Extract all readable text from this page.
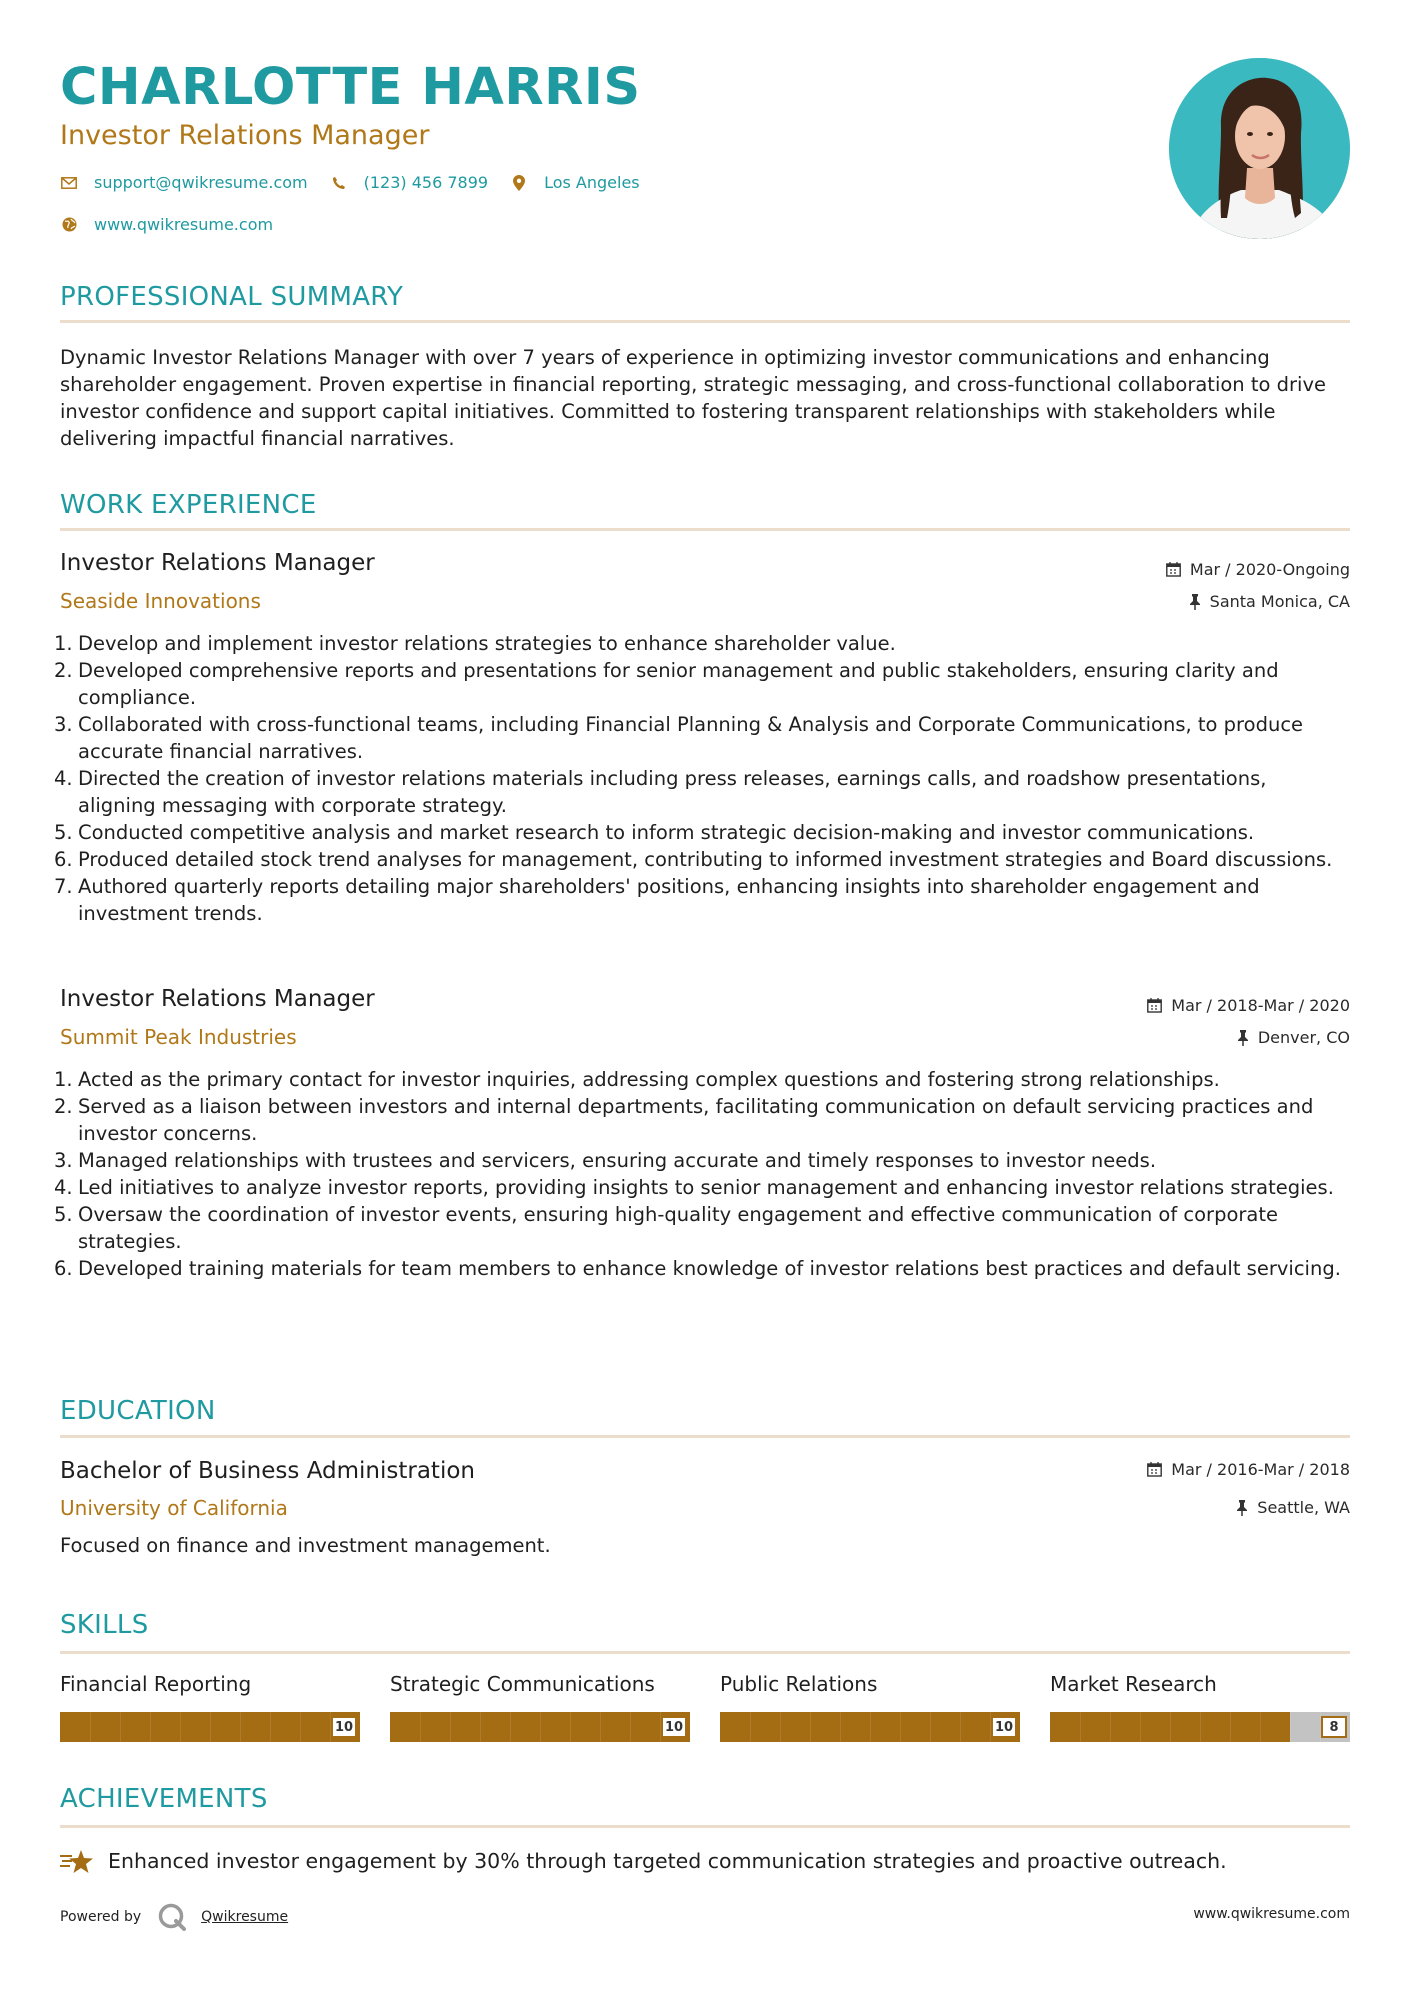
CHARLOTTE HARRIS
Investor Relations Manager
support@qwikresume.com	(123) 456 7899	Los Angeles
www.qwikresume.com
PROFESSIONAL SUMMARY
Dynamic Investor Relations Manager with over 7 years of experience in optimizing investor communications and enhancing shareholder engagement. Proven expertise in financial reporting, strategic messaging, and cross-functional collaboration to drive investor confidence and support capital initiatives. Committed to fostering transparent relationships with stakeholders while delivering impactful financial narratives.
WORK EXPERIENCE
Investor Relations Manager
Seaside Innovations
Mar / 2020-Ongoing
Santa Monica, CA
1. Develop and implement investor relations strategies to enhance shareholder value.
2. Developed comprehensive reports and presentations for senior management and public stakeholders, ensuring clarity and compliance.
3. Collaborated with cross-functional teams, including Financial Planning & Analysis and Corporate Communications, to produce accurate financial narratives.
4. Directed the creation of investor relations materials including press releases, earnings calls, and roadshow presentations, aligning messaging with corporate strategy.
5. Conducted competitive analysis and market research to inform strategic decision-making and investor communications.
6. Produced detailed stock trend analyses for management, contributing to informed investment strategies and Board discussions.
7. Authored quarterly reports detailing major shareholders' positions, enhancing insights into shareholder engagement and investment trends.
Investor Relations Manager
Summit Peak Industries
Mar / 2018-Mar / 2020
Denver, CO
1. Acted as the primary contact for investor inquiries, addressing complex questions and fostering strong relationships.
2. Served as a liaison between investors and internal departments, facilitating communication on default servicing practices and investor concerns.
3. Managed relationships with trustees and servicers, ensuring accurate and timely responses to investor needs.
4. Led initiatives to analyze investor reports, providing insights to senior management and enhancing investor relations strategies.
5. Oversaw the coordination of investor events, ensuring high-quality engagement and effective communication of corporate strategies.
6. Developed training materials for team members to enhance knowledge of investor relations best practices and default servicing.
EDUCATION
Bachelor of Business Administration
University of California
Mar / 2016-Mar / 2018
Seattle, WA
Focused on finance and investment management.
SKILLS
Financial Reporting
10
Strategic Communications
10
Public Relations
10
Market Research
8
ACHIEVEMENTS
Enhanced investor engagement by 30% through targeted communication strategies and proactive outreach.
Powered by	Qwikresume	www.qwikresume.com
